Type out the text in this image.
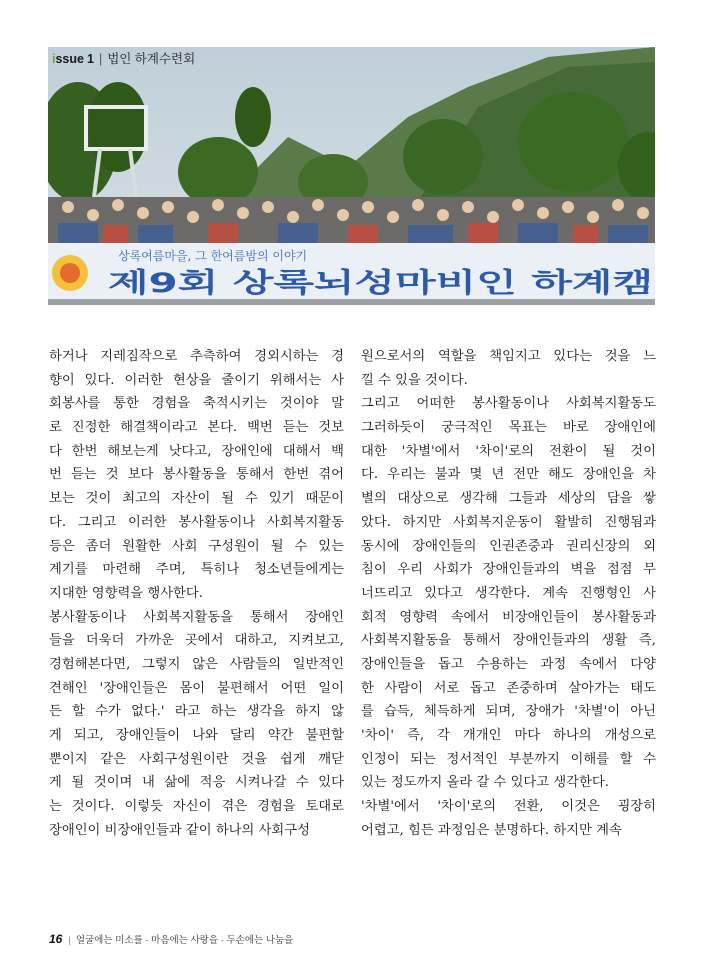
상록여름마을, 그 한여름밤의 이야기
제9회 상록뇌성마비인 하계캠
issue 1 | 법인 하계수련회
하거나 지레짐작으로 추측하여 경외시하는 경
향이 있다. 이러한 현상을 줄이기 위해서는 사
회봉사를 통한 경험을 축적시키는 것이야 말
로 진정한 해결책이라고 본다. 백번 듣는 것보
다 한번 해보는게 낫다고, 장애인에 대해서 백
번 듣는 것 보다 봉사활동을 통해서 한번 겪어
보는 것이 최고의 자산이 될 수 있기 때문이
다. 그리고 이러한 봉사활동이나 사회복지활동
등은 좀더 원활한 사회 구성원이 될 수 있는
계기를 마련해 주며, 특히나 청소년들에게는
지대한 영향력을 행사한다.
봉사활동이나 사회복지활동을 통해서 장애인
들을 더욱더 가까운 곳에서 대하고, 지켜보고,
경험해본다면, 그렇지 않은 사람들의 일반적인
견해인 '장애인들은 몸이 불편해서 어떤 일이
든 할 수가 없다.' 라고 하는 생각을 하지 않
게 되고, 장애인들이 나와 달리 약간 불편할
뿐이지 같은 사회구성원이란 것을 쉽게 깨닫
게 될 것이며 내 삶에 적응 시켜나갈 수 있다
는 것이다. 이렇듯 자신이 겪은 경험을 토대로
장애인이 비장애인들과 같이 하나의 사회구성
원으로서의 역할을 책임지고 있다는 것을 느
낄 수 있을 것이다.
그리고 어떠한 봉사활동이나 사회복지활동도
그러하듯이 궁극적인 목표는 바로 장애인에
대한 '차별'에서 '차이'로의 전환이 될 것이
다. 우리는 불과 몇 년 전만 해도 장애인을 차
별의 대상으로 생각해 그들과 세상의 담을 쌓
았다. 하지만 사회복지운동이 활발히 진행됨과
동시에 장애인들의 인권존중과 권리신장의 외
침이 우리 사회가 장애인들과의 벽을 점점 무
너뜨리고 있다고 생각한다. 계속 진행형인 사
회적 영향력 속에서 비장애인들이 봉사활동과
사회복지활동을 통해서 장애인들과의 생활 즉,
장애인들을 돕고 수용하는 과정 속에서 다양
한 사람이 서로 돕고 존중하며 살아가는 태도
를 습득, 체득하게 되며, 장애가 '차별'이 아닌
'차이' 즉, 각 개개인 마다 하나의 개성으로
인정이 되는 정서적인 부분까지 이해를 할 수
있는 정도까지 올라 갈 수 있다고 생각한다.
'차별'에서 '차이'로의 전환, 이것은 굉장히
어렵고, 힘든 과정임은 분명하다. 하지만 계속
16 | 얼굴에는 미소를 · 마음에는 사랑을 · 두손에는 나눔을
